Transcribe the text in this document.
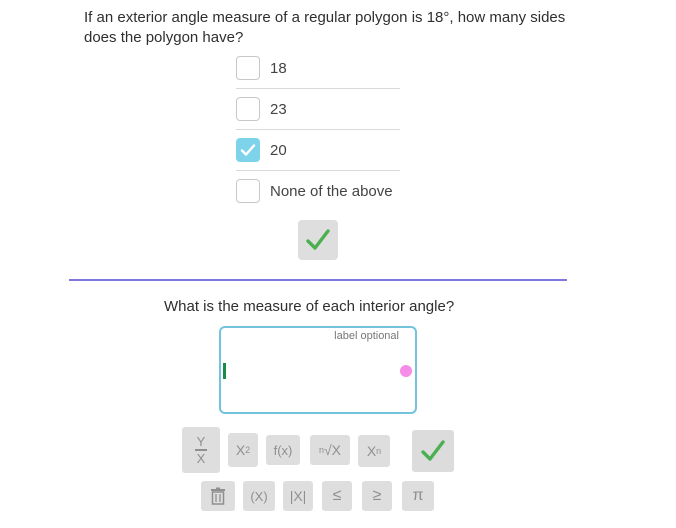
If an exterior angle measure of a regular polygon is 18°, how many sides does the polygon have?
18
23
20
None of the above
What is the measure of each interior angle?
label optional
$\frac{Y}{X}$ X 2 f(x)	n √X X n
(X) |X| ≤ ≥ π
